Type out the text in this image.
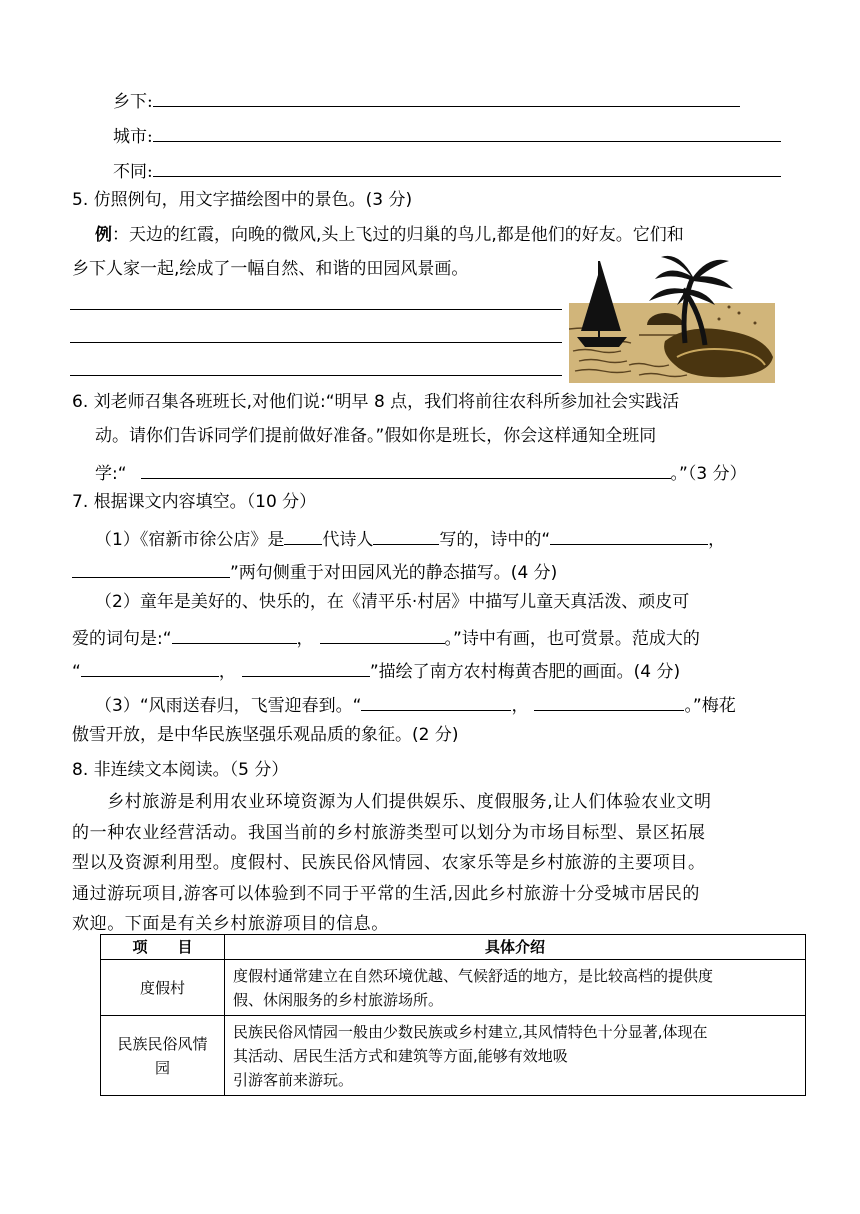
乡下:
城市:
不同:
5. 仿照例句，用文字描绘图中的景色。(3 分)
例：天边的红霞，向晚的微风,头上飞过的归巢的鸟儿,都是他们的好友。它们和
乡下人家一起,绘成了一幅自然、和谐的田园风景画。
6. 刘老师召集各班班长,对他们说:“明早 8 点，我们将前往农科所参加社会实践活
动。请你们告诉同学们提前做好准备。”假如你是班长，你会这样通知全班同
学:“	。”（3 分）
7. 根据课文内容填空。（10 分）
（1）《宿新市徐公店》是 代诗人	写的，诗中的“	，
”两句侧重于对田园风光的静态描写。(4 分)
（2）童年是美好的、快乐的，在《清平乐·村居》中描写儿童天真活泼、顽皮可
爱的词句是:“	，	。”诗中有画，也可赏景。范成大的
“	，	”描绘了南方农村梅黄杏肥的画面。(4 分)
（3）“风雨送春归，飞雪迎春到。“	，	。”梅花
傲雪开放，是中华民族坚强乐观品质的象征。(2 分)
8. 非连续文本阅读。（5 分）
　　乡村旅游是利用农业环境资源为人们提供娱乐、度假服务,让人们体验农业文明
的一种农业经营活动。我国当前的乡村旅游类型可以划分为市场目标型、景区拓展
型以及资源利用型。度假村、民族民俗风情园、农家乐等是乡村旅游的主要项目。
通过游玩项目,游客可以体验到不同于平常的生活,因此乡村旅游十分受城市居民的
欢迎。下面是有关乡村旅游项目的信息。
项　　目	具体介绍
度假村	度假村通常建立在自然环境优越、气候舒适的地方，是比较高档的提供度
假、休闲服务的乡村旅游场所。

民族民俗风情
园	民族民俗风情园一般由少数民族或乡村建立,其风情特色十分显著,体现在
其活动、居民生活方式和建筑等方面,能够有效地吸
引游客前来游玩。
